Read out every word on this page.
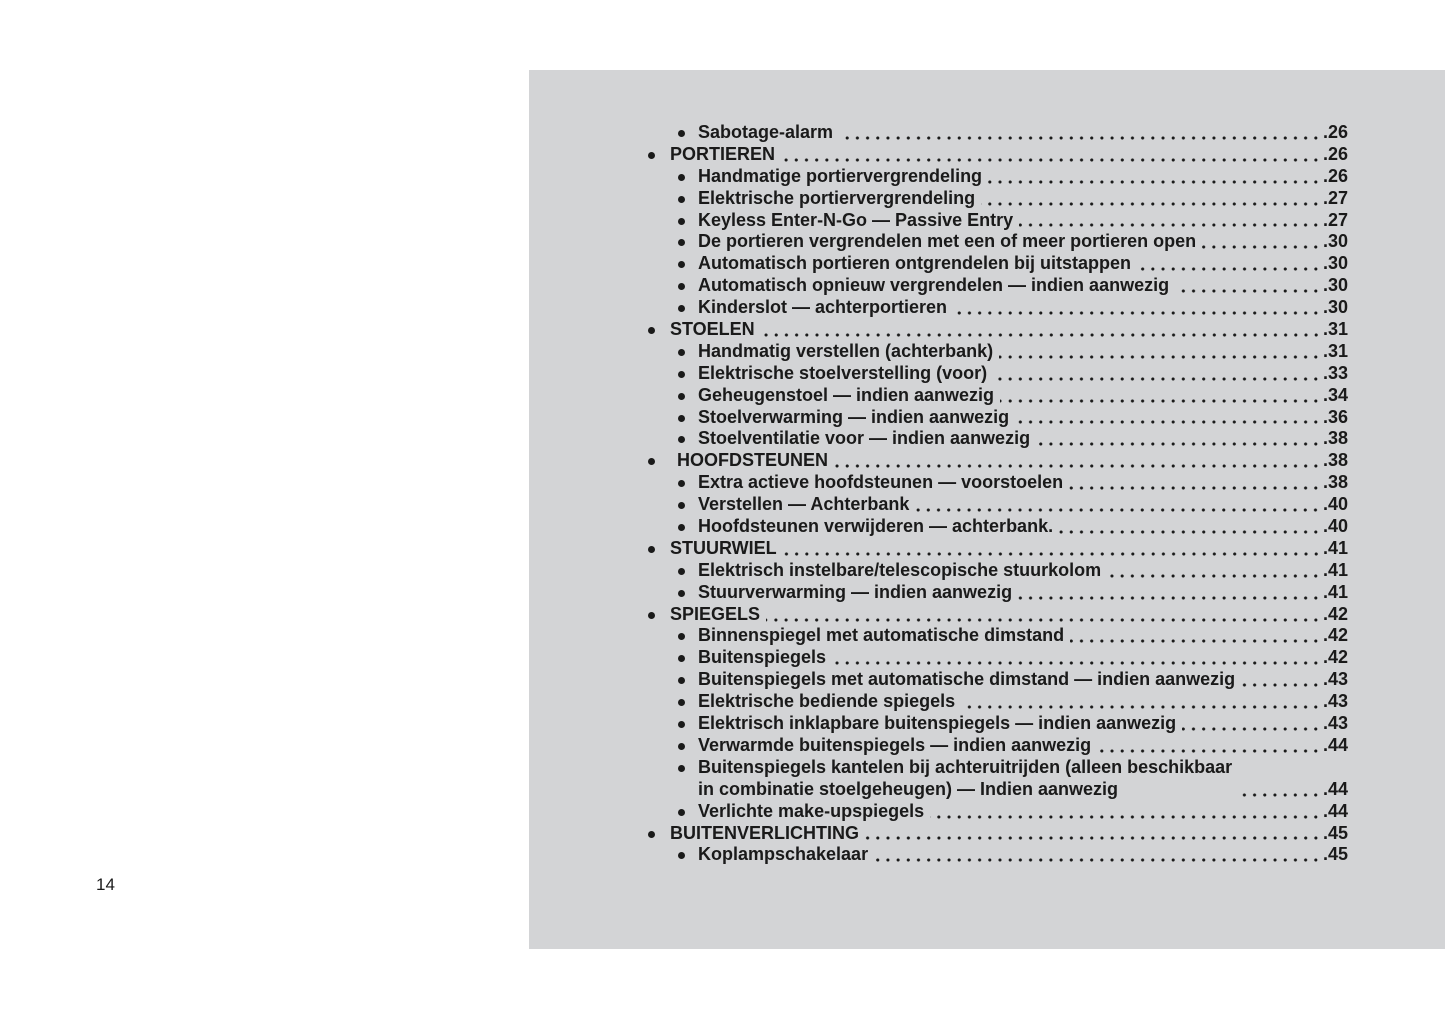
Sabotage-alarm	.26
PORTIEREN	.26
Handmatige portiervergrendeling	.26
Elektrische portiervergrendeling	.27
Keyless Enter-N-Go — Passive Entry	.27
De portieren vergrendelen met een of meer portieren open	.30
Automatisch portieren ontgrendelen bij uitstappen	.30
Automatisch opnieuw vergrendelen — indien aanwezig	.30
Kinderslot — achterportieren	.30
STOELEN	.31
Handmatig verstellen (achterbank)	.31
Elektrische stoelverstelling (voor)	.33
Geheugenstoel — indien aanwezig	.34
Stoelverwarming — indien aanwezig	.36
Stoelventilatie voor — indien aanwezig	.38
HOOFDSTEUNEN	.38
Extra actieve hoofdsteunen — voorstoelen	.38
Verstellen — Achterbank	.40
Hoofdsteunen verwijderen — achterbank.	.40
STUURWIEL	.41
Elektrisch instelbare/telescopische stuurkolom	.41
Stuurverwarming — indien aanwezig	.41
SPIEGELS	.42
Binnenspiegel met automatische dimstand	.42
Buitenspiegels	.42
Buitenspiegels met automatische dimstand — indien aanwezig	.43
Elektrische bediende spiegels	.43
Elektrisch inklapbare buitenspiegels — indien aanwezig	.43
Verwarmde buitenspiegels — indien aanwezig	.44
Buitenspiegels kantelen bij achteruitrijden (alleen beschikbaar
in combinatie stoelgeheugen) — Indien aanwezig	.44
Verlichte make-upspiegels	.44
BUITENVERLICHTING	.45
Koplampschakelaar	.45
14
